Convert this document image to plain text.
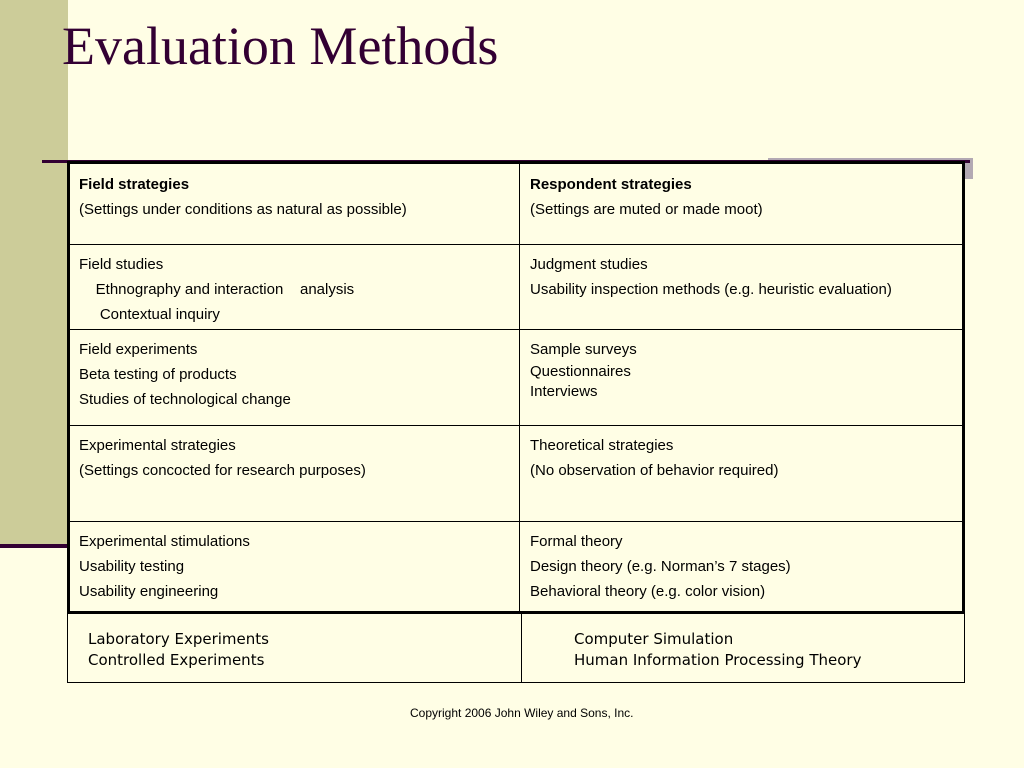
Evaluation Methods
Field strategies
(Settings under conditions as natural as possible)
Respondent strategies
(Settings are muted or made moot)
Field studies
Ethnography and interaction    analysis
Contextual inquiry
Judgment studies
Usability inspection methods (e.g. heuristic evaluation)
Field experiments
Beta testing of products
Studies of technological change
Sample surveys
Questionnaires
Interviews
Experimental strategies
(Settings concocted for research purposes)
Theoretical strategies
(No observation of behavior required)
Experimental stimulations
Usability testing
Usability engineering
Formal theory
Design theory (e.g. Norman’s 7 stages)
Behavioral theory (e.g. color vision)
Laboratory Experiments
Controlled Experiments
Computer Simulation
Human Information Processing Theory
Copyright 2006 John Wiley and Sons, Inc.
